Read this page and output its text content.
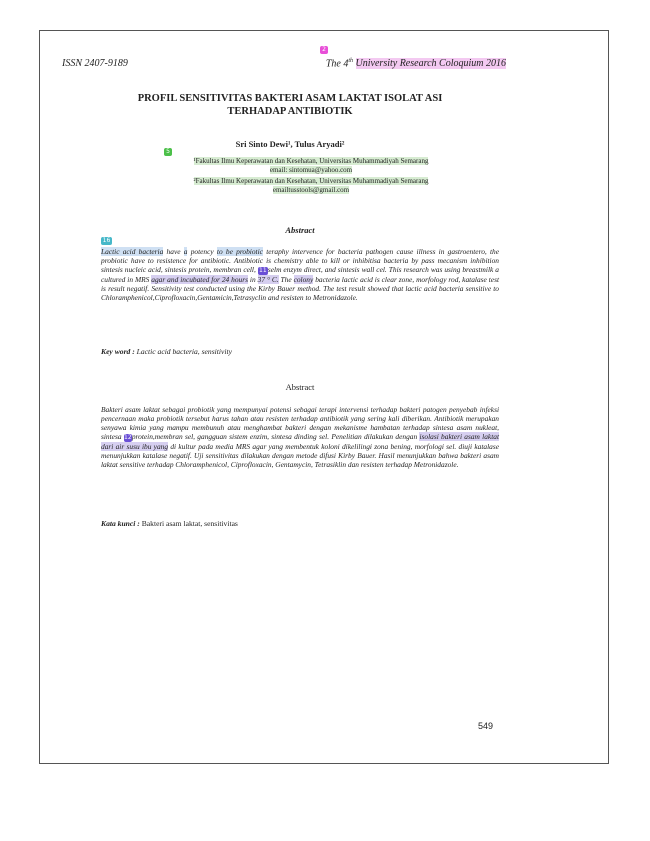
ISSN 2407-9189
2
The 4th University Research Coloquium 2016
PROFIL SENSITIVITAS BAKTERI ASAM LAKTAT ISOLAT ASI
TERHADAP ANTIBIOTIK
Sri Sinto Dewi¹, Tulus Aryadi²
5
¹Fakultas Ilmu Keperawatan dan Kesehatan, Universitas Muhammadiyah Semarang
email: sintomua@yahoo.com
²Fakultas Ilmu Keperawatan dan Kesehatan, Universitas Muhammadiyah Semarang
emailtusstools@gmail.com
Abstract
16
Lactic acid bacteria have a potency to be probiotic teraphy intervence for bacteria pathogen cause illness in gastroentero, the probiotic have to resistence for antibiotic. Antibiotic is chemistry able to kill or inhibitisa bacteria by pass mecanism inhibition sintesis nucleic acid, sintesis protein, membran cell, 11selm enzym direct, and sintesis wall cel. This research was using breastmilk a cultured in MRS agar and incubated for 24 hours in 37 ° C. The colony bacteria lactic acid is clear zone, morfology rod, katalase test is result negatif. Sensitivity test conducted using the Kirby Bauer method. The test result showed that lactic acid bacteria sensitive to Chloramphenicol,Ciprofloxacin,Gentamicin,Tetrasyclin and resisten to Metronidazole.
Key word : Lactic acid bacteria, sensitivity
Abstract
Bakteri asam laktat sebagai probiotik yang mempunyai potensi sebagai terapi intervensi terhadap bakteri patogen penyebab infeksi pencernaan maka probiotik tersebut harus tahan atau resisten terhadap antibiotik yang sering kali diberikan. Antibiotik merupakan senyawa kimia yang mampu membunuh atau menghambat bakteri dengan mekanisme hambatan terhadap sintesa asam nukleat, sintesa 12protein,membran sel, gangguan sistem enzim, sintesa dinding sel. Penelitian dilakukan dengan isolasi bakteri asam laktat dari air susu ibu yang di kultur pada media MRS agar yang membentuk koloni dikelilingi zona bening, morfologi sel. diuji katalase menunjukkan katalase negatif. Uji sensitivitas dilakukan dengan metode difusi Kirby Bauer. Hasil menunjukkan bahwa bakteri asam laktat sensitive terhadap Chloramphenicol, Ciprofloxacin, Gentamycin, Tetrasiklin dan resisten terhadap Metronidazole.
Kata kunci : Bakteri asam laktat, sensitivitas
549
